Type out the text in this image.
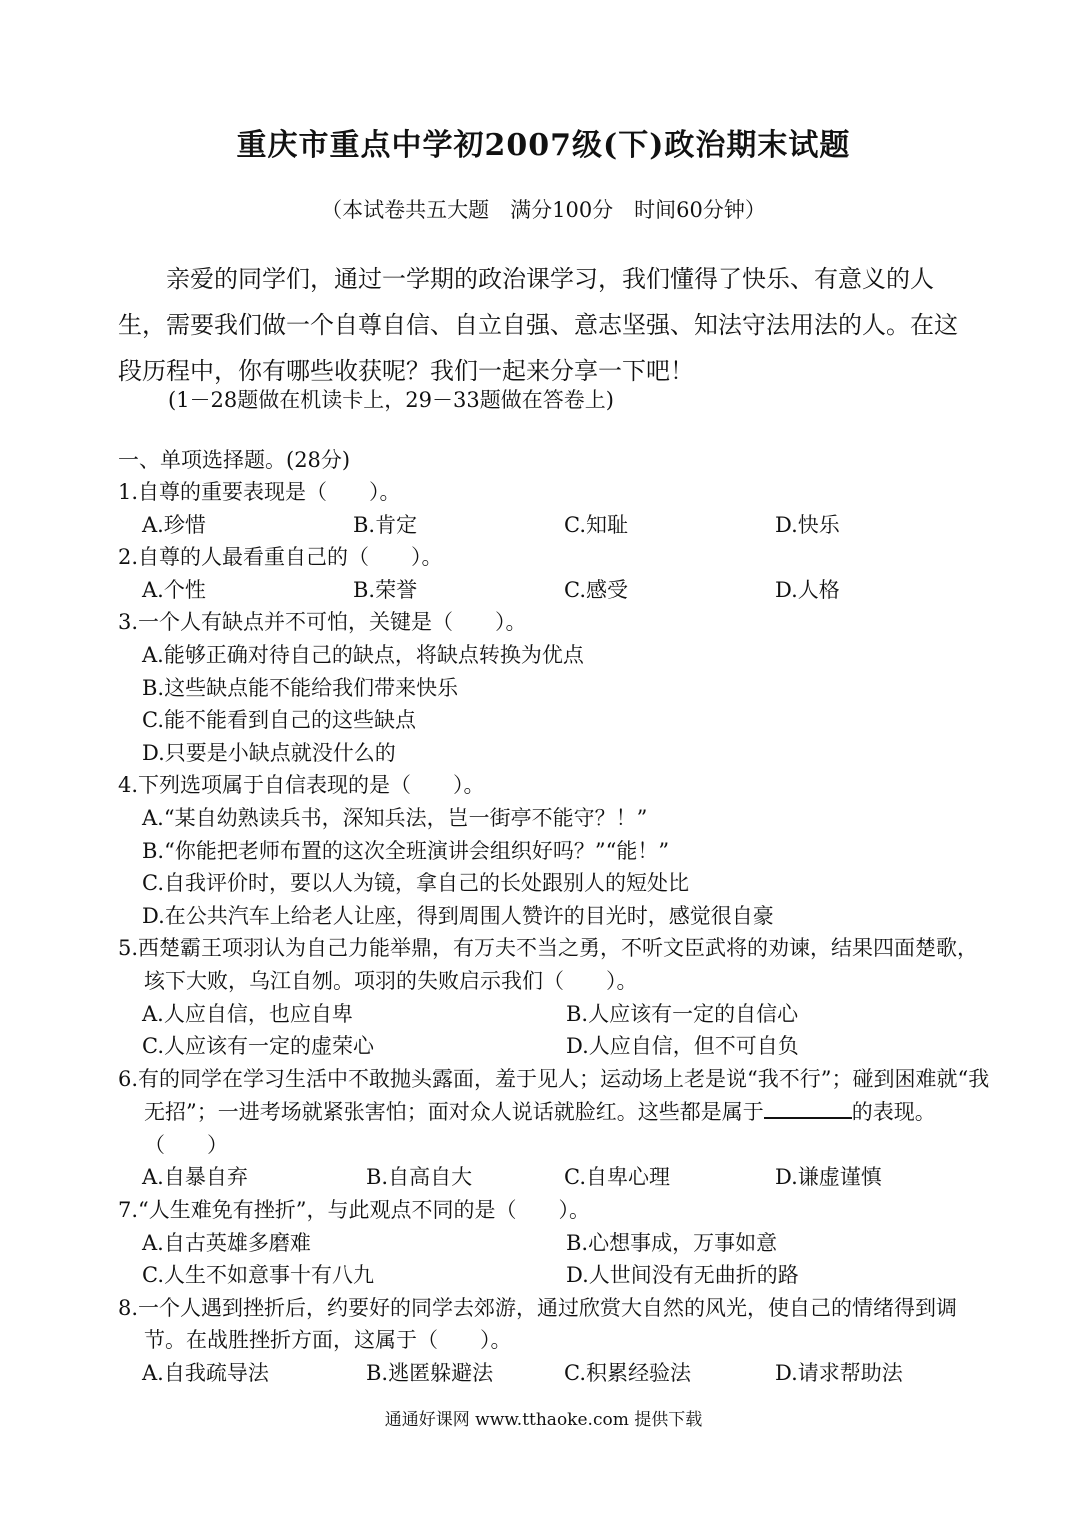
重庆市重点中学初2007级(下)政治期末试题
（本试卷共五大题　满分100分　时间60分钟）
亲爱的同学们，通过一学期的政治课学习，我们懂得了快乐、有意义的人生，需要我们做一个自尊自信、自立自强、意志坚强、知法守法用法的人。在这段历程中，你有哪些收获呢？我们一起来分享一下吧！
(1－28题做在机读卡上，29－33题做在答卷上)
一、单项选择题。(28分)
1.自尊的重要表现是（　　）。
A.珍惜	B.肯定	C.知耻	D.快乐
2.自尊的人最看重自己的（　　）。
A.个性	B.荣誉	C.感受	D.人格
3.一个人有缺点并不可怕，关键是（　　）。
A.能够正确对待自己的缺点，将缺点转换为优点
B.这些缺点能不能给我们带来快乐
C.能不能看到自己的这些缺点
D.只要是小缺点就没什么的
4.下列选项属于自信表现的是（　　）。
A.“某自幼熟读兵书，深知兵法，岂一街亭不能守？！”
B.“你能把老师布置的这次全班演讲会组织好吗？”“能！”
C.自我评价时，要以人为镜，拿自己的长处跟别人的短处比
D.在公共汽车上给老人让座，得到周围人赞许的目光时，感觉很自豪
5.西楚霸王项羽认为自己力能举鼎，有万夫不当之勇，不听文臣武将的劝谏，结果四面楚歌，垓下大败，乌江自刎。项羽的失败启示我们（　　）。
A.人应自信，也应自卑	B.人应该有一定的自信心
C.人应该有一定的虚荣心	D.人应自信，但不可自负
6.有的同学在学习生活中不敢抛头露面，羞于见人；运动场上老是说“我不行”；碰到困难就“我无招”；一进考场就紧张害怕；面对众人说话就脸红。这些都是属于	的表现。（　　）
A.自暴自弃	B.自高自大	C.自卑心理	D.谦虚谨慎
7.“人生难免有挫折”，与此观点不同的是（　　）。
A.自古英雄多磨难	B.心想事成，万事如意
C.人生不如意事十有八九	D.人世间没有无曲折的路
8.一个人遇到挫折后，约要好的同学去郊游，通过欣赏大自然的风光，使自己的情绪得到调节。在战胜挫折方面，这属于（　　）。
A.自我疏导法	B.逃匿躲避法	C.积累经验法	D.请求帮助法
通通好课网 www.tthaoke.com 提供下载
